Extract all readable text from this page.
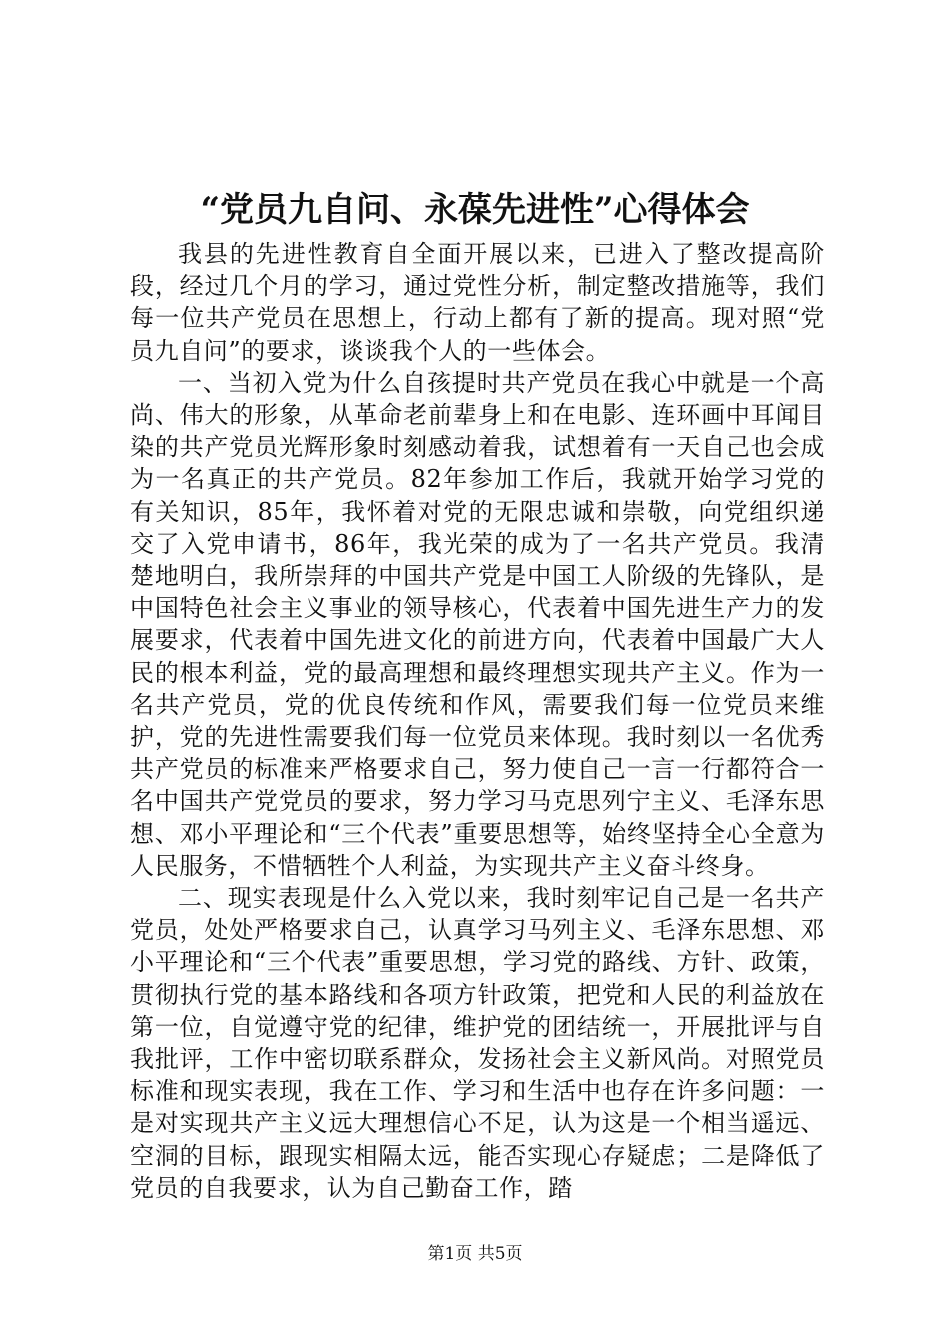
“党员九自问、永葆先进性”心得体会

我县的先进性教育自全面开展以来，已进入了整改提高阶段，经过几个月的学习，通过党性分析，制定整改措施等，我们每一位共产党员在思想上，行动上都有了新的提高。现对照“党员九自问”的要求，谈谈我个人的一些体会。

一、当初入党为什么自孩提时共产党员在我心中就是一个高尚、伟大的形象，从革命老前辈身上和在电影、连环画中耳闻目染的共产党员光辉形象时刻感动着我，试想着有一天自己也会成为一名真正的共产党员。82年参加工作后，我就开始学习党的有关知识，85年，我怀着对党的无限忠诚和崇敬，向党组织递交了入党申请书，86年，我光荣的成为了一名共产党员。我清楚地明白，我所崇拜的中国共产党是中国工人阶级的先锋队，是中国特色社会主义事业的领导核心，代表着中国先进生产力的发展要求，代表着中国先进文化的前进方向，代表着中国最广大人民的根本利益，党的最高理想和最终理想实现共产主义。作为一名共产党员，党的优良传统和作风，需要我们每一位党员来维护，党的先进性需要我们每一位党员来体现。我时刻以一名优秀共产党员的标准来严格要求自己，努力使自己一言一行都符合一名中国共产党党员的要求，努力学习马克思列宁主义、毛泽东思想、邓小平理论和“三个代表”重要思想等，始终坚持全心全意为人民服务，不惜牺牲个人利益，为实现共产主义奋斗终身。

二、现实表现是什么入党以来，我时刻牢记自己是一名共产党员，处处严格要求自己，认真学习马列主义、毛泽东思想、邓小平理论和“三个代表”重要思想，学习党的路线、方针、政策，贯彻执行党的基本路线和各项方针政策，把党和人民的利益放在第一位，自觉遵守党的纪律，维护党的团结统一，开展批评与自我批评，工作中密切联系群众，发扬社会主义新风尚。对照党员标准和现实表现，我在工作、学习和生活中也存在许多问题：一是对实现共产主义远大理想信心不足，认为这是一个相当遥远、空洞的目标，跟现实相隔太远，能否实现心存疑虑；二是降低了党员的自我要求，认为自己勤奋工作，踏

第1页 共5页
